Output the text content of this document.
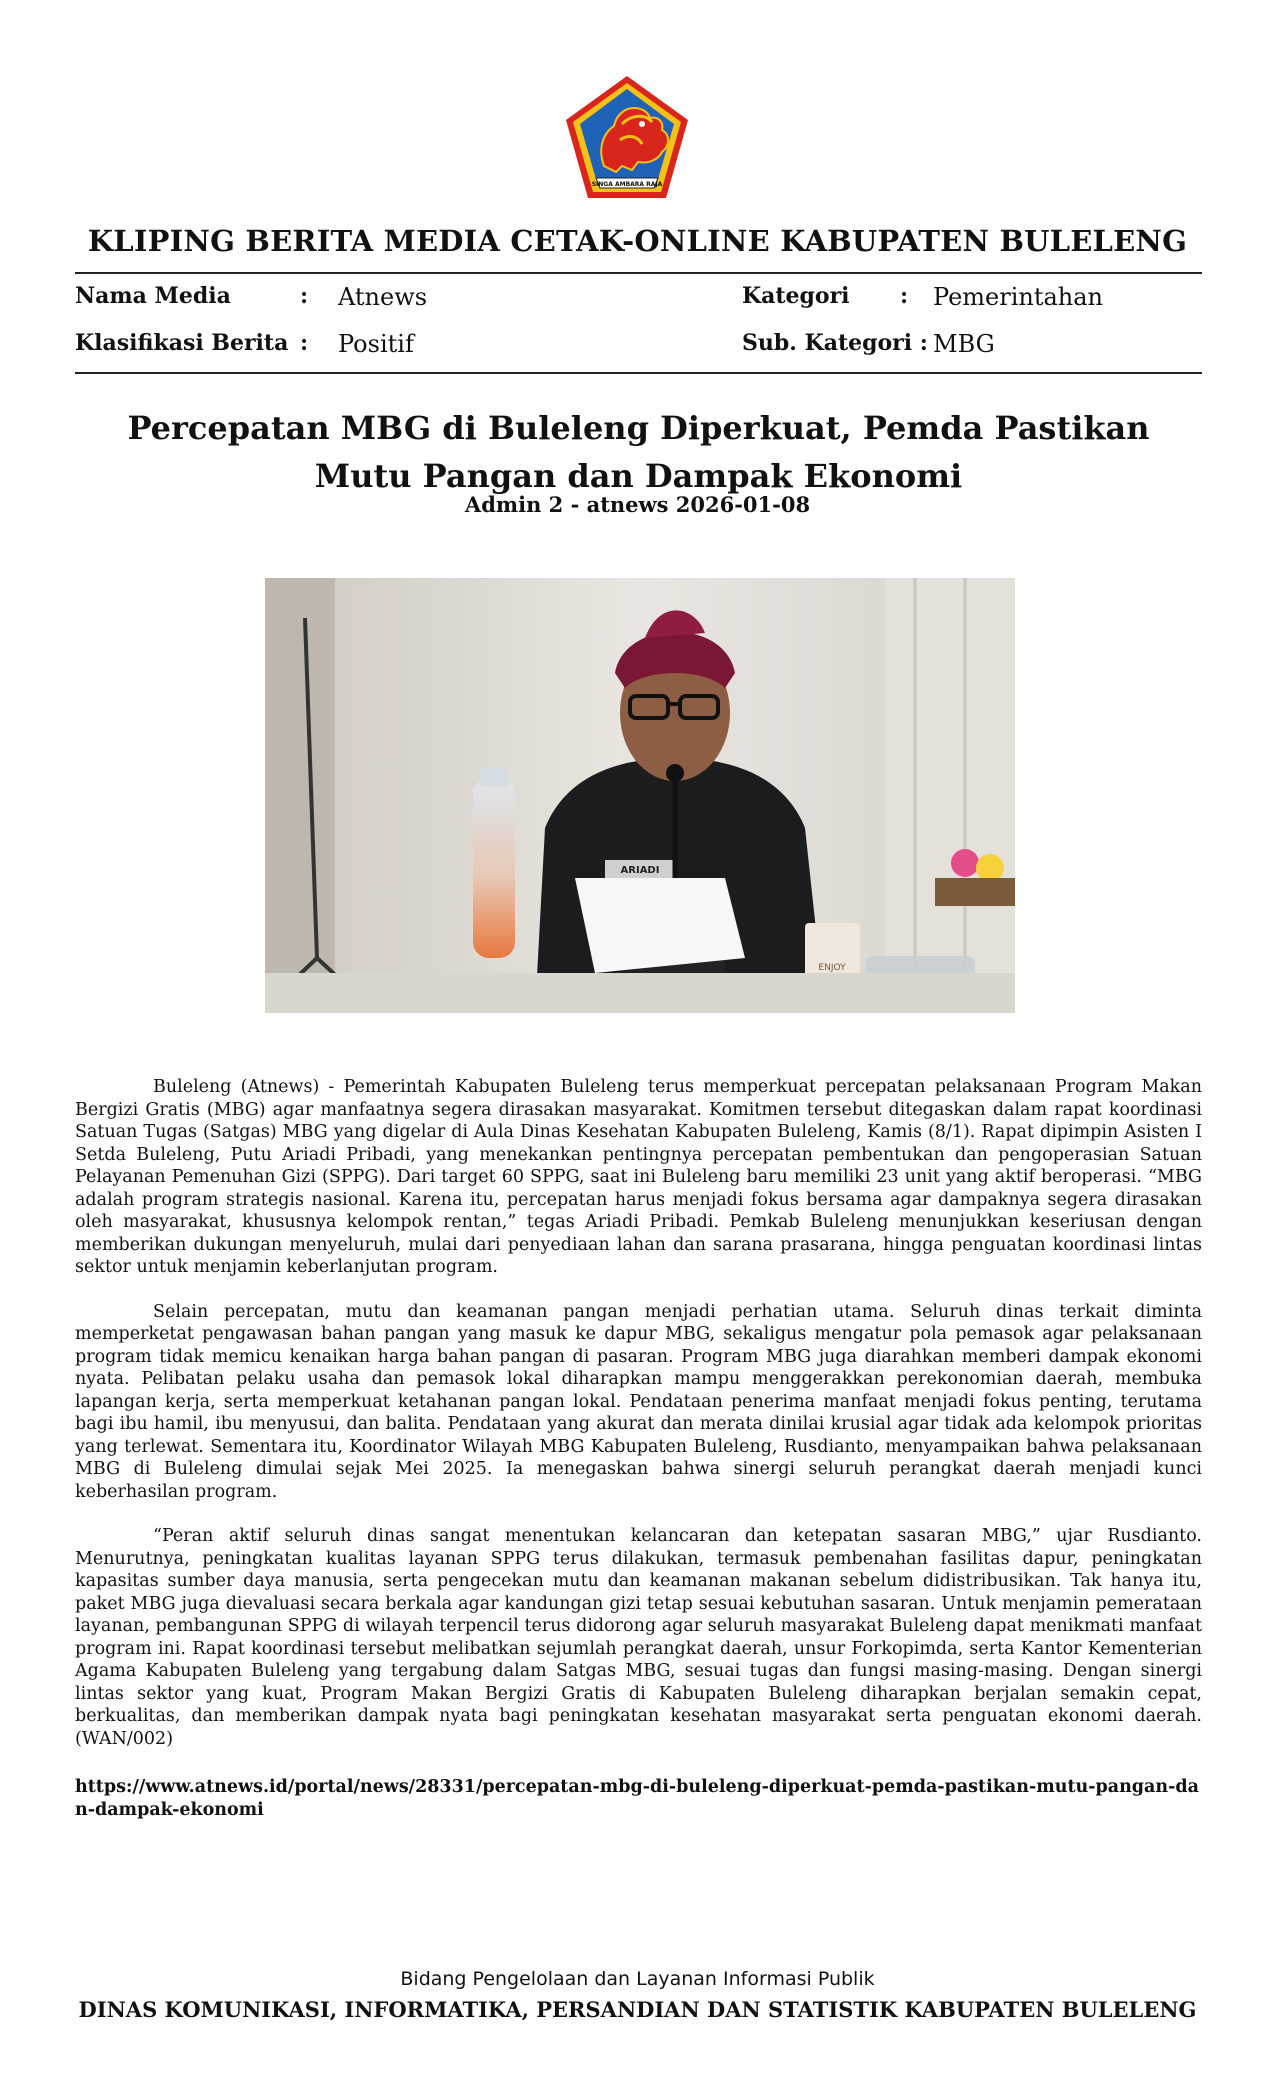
SINGA AMBARA RAJA
KLIPING BERITA MEDIA CETAK-ONLINE KABUPATEN BULELENG
Nama Media	: Atnews	Kategori : Pemerintahan
Klasifikasi Berita : Positif	Sub. Kategori : MBG
Percepatan MBG di Buleleng Diperkuat, Pemda Pastikan Mutu Pangan dan Dampak Ekonomi
Admin 2 - atnews 2026-01-08
ARIADI
ENJOY

Buleleng (Atnews) - Pemerintah Kabupaten Buleleng terus memperkuat percepatan pelaksanaan Program Makan Bergizi Gratis (MBG) agar manfaatnya segera dirasakan masyarakat. Komitmen tersebut ditegaskan dalam rapat koordinasi Satuan Tugas (Satgas) MBG yang digelar di Aula Dinas Kesehatan Kabupaten Buleleng, Kamis (8/1). Rapat dipimpin Asisten I Setda Buleleng, Putu Ariadi Pribadi, yang menekankan pentingnya percepatan pembentukan dan pengoperasian Satuan Pelayanan Pemenuhan Gizi (SPPG). Dari target 60 SPPG, saat ini Buleleng baru memiliki 23 unit yang aktif beroperasi. “MBG adalah program strategis nasional. Karena itu, percepatan harus menjadi fokus bersama agar dampaknya segera dirasakan oleh masyarakat, khususnya kelompok rentan,” tegas Ariadi Pribadi. Pemkab Buleleng menunjukkan keseriusan dengan memberikan dukungan menyeluruh, mulai dari penyediaan lahan dan sarana prasarana, hingga penguatan koordinasi lintas sektor untuk menjamin keberlanjutan program.

Selain percepatan, mutu dan keamanan pangan menjadi perhatian utama. Seluruh dinas terkait diminta memperketat pengawasan bahan pangan yang masuk ke dapur MBG, sekaligus mengatur pola pemasok agar pelaksanaan program tidak memicu kenaikan harga bahan pangan di pasaran. Program MBG juga diarahkan memberi dampak ekonomi nyata. Pelibatan pelaku usaha dan pemasok lokal diharapkan mampu menggerakkan perekonomian daerah, membuka lapangan kerja, serta memperkuat ketahanan pangan lokal. Pendataan penerima manfaat menjadi fokus penting, terutama bagi ibu hamil, ibu menyusui, dan balita. Pendataan yang akurat dan merata dinilai krusial agar tidak ada kelompok prioritas yang terlewat. Sementara itu, Koordinator Wilayah MBG Kabupaten Buleleng, Rusdianto, menyampaikan bahwa pelaksanaan MBG di Buleleng dimulai sejak Mei 2025. Ia menegaskan bahwa sinergi seluruh perangkat daerah menjadi kunci keberhasilan program.

“Peran aktif seluruh dinas sangat menentukan kelancaran dan ketepatan sasaran MBG,” ujar Rusdianto. Menurutnya, peningkatan kualitas layanan SPPG terus dilakukan, termasuk pembenahan fasilitas dapur, peningkatan kapasitas sumber daya manusia, serta pengecekan mutu dan keamanan makanan sebelum didistribusikan. Tak hanya itu, paket MBG juga dievaluasi secara berkala agar kandungan gizi tetap sesuai kebutuhan sasaran. Untuk menjamin pemerataan layanan, pembangunan SPPG di wilayah terpencil terus didorong agar seluruh masyarakat Buleleng dapat menikmati manfaat program ini. Rapat koordinasi tersebut melibatkan sejumlah perangkat daerah, unsur Forkopimda, serta Kantor Kementerian Agama Kabupaten Buleleng yang tergabung dalam Satgas MBG, sesuai tugas dan fungsi masing-masing. Dengan sinergi lintas sektor yang kuat, Program Makan Bergizi Gratis di Kabupaten Buleleng diharapkan berjalan semakin cepat, berkualitas, dan memberikan dampak nyata bagi peningkatan kesehatan masyarakat serta penguatan ekonomi daerah. (WAN/002)

https://www.atnews.id/portal/news/28331/percepatan-mbg-di-buleleng-diperkuat-pemda-pastikan-mutu-pangan-dan-dampak-ekonomi
Bidang Pengelolaan dan Layanan Informasi Publik
DINAS KOMUNIKASI, INFORMATIKA, PERSANDIAN DAN STATISTIK KABUPATEN BULELENG
